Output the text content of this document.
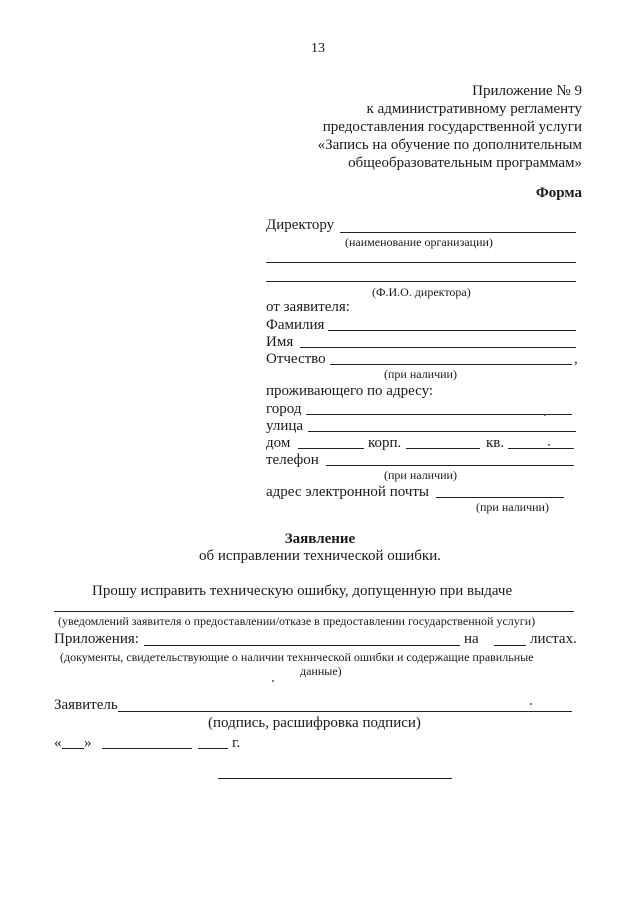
13
Приложение № 9
к административному регламенту
предоставления государственной услуги
«Запись на обучение по дополнительным
общеобразовательным программам»
Форма
Директору
(наименование организации)
(Ф.И.О. директора)
от заявителя:
Фамилия
Имя
Отчество	,
(при наличии)
проживающего по адресу:
город
улица
дом	корп.	кв.
телефон
(при наличии)
адрес электронной почты
(при наличии)
Заявление
об исправлении технической ошибки.
Прошу исправить техническую ошибку, допущенную при выдаче
(уведомлений заявителя о предоставлении/отказе в предоставлении государственной услуги)
Приложения:	на	листах.
(документы, свидетельствующие о наличии технической ошибки и содержащие правильные
данные)
Заявитель
(подпись, расшифровка подписи)
« »	г.
